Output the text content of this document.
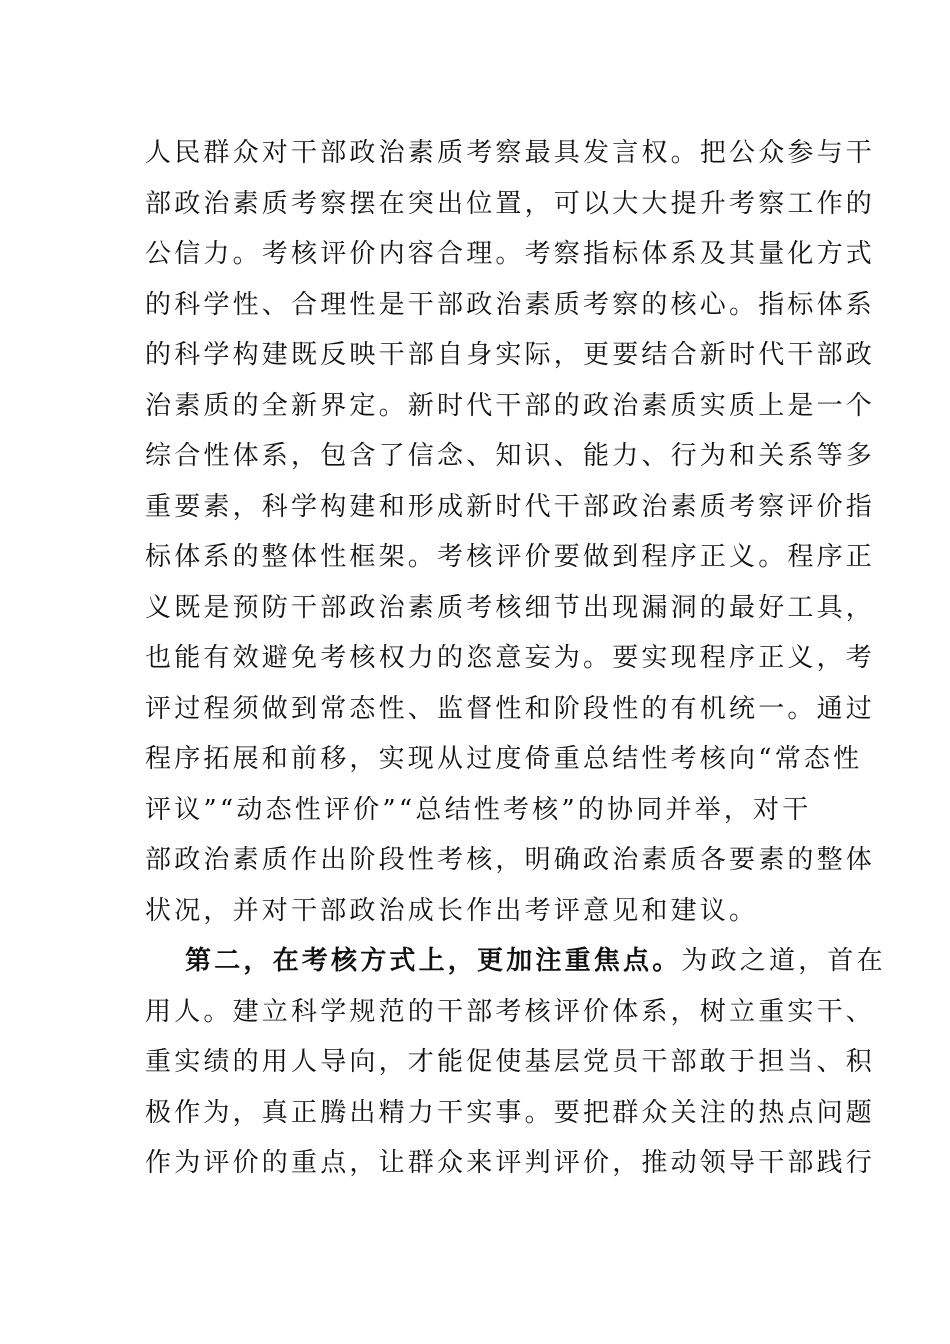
人民群众对干部政治素质考察最具发言权。把公众参与干
部政治素质考察摆在突出位置，可以大大提升考察工作的
公信力。考核评价内容合理。考察指标体系及其量化方式
的科学性、合理性是干部政治素质考察的核心。指标体系
的科学构建既反映干部自身实际，更要结合新时代干部政
治素质的全新界定。新时代干部的政治素质实质上是一个
综合性体系，包含了信念、知识、能力、行为和关系等多
重要素，科学构建和形成新时代干部政治素质考察评价指
标体系的整体性框架。考核评价要做到程序正义。程序正
义既是预防干部政治素质考核细节出现漏洞的最好工具，
也能有效避免考核权力的恣意妄为。要实现程序正义，考
评过程须做到常态性、监督性和阶段性的有机统一。通过
程序拓展和前移，实现从过度倚重总结性考核向“常态性
评议”“动态性评价”“总结性考核”的协同并举，对干
部政治素质作出阶段性考核，明确政治素质各要素的整体
状况，并对干部政治成长作出考评意见和建议。
第二，在考核方式上，更加注重焦点。为政之道，首在
用人。建立科学规范的干部考核评价体系，树立重实干、
重实绩的用人导向，才能促使基层党员干部敢于担当、积
极作为，真正腾出精力干实事。要把群众关注的热点问题
作为评价的重点，让群众来评判评价，推动领导干部践行
